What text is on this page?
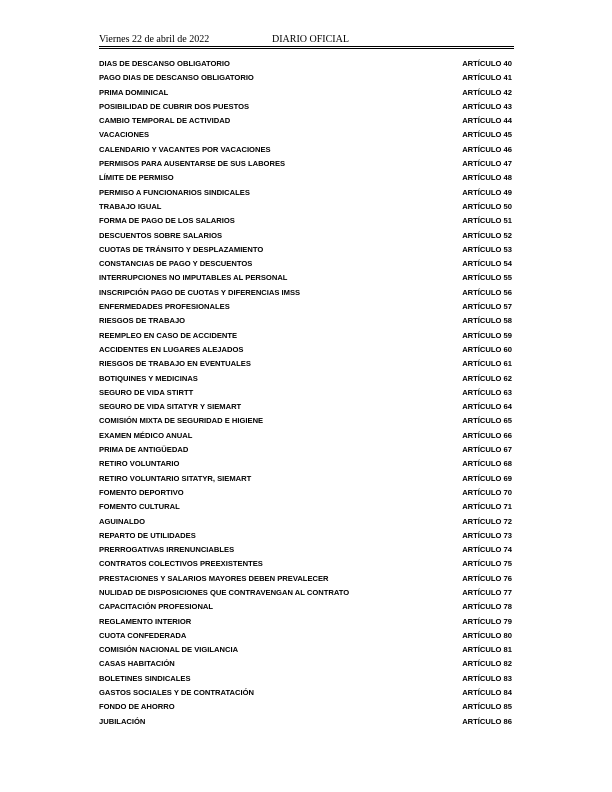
Viernes 22 de abril de 2022	DIARIO OFICIAL
DIAS DE DESCANSO OBLIGATORIO	ARTÍCULO 40
PAGO DIAS DE DESCANSO OBLIGATORIO	ARTÍCULO 41
PRIMA DOMINICAL	ARTÍCULO 42
POSIBILIDAD DE CUBRIR DOS PUESTOS	ARTÍCULO 43
CAMBIO TEMPORAL DE ACTIVIDAD	ARTÍCULO 44
VACACIONES	ARTÍCULO 45
CALENDARIO Y VACANTES POR VACACIONES	ARTÍCULO 46
PERMISOS PARA AUSENTARSE DE SUS LABORES	ARTÍCULO 47
LÍMITE DE PERMISO	ARTÍCULO 48
PERMISO A FUNCIONARIOS SINDICALES	ARTÍCULO 49
TRABAJO IGUAL	ARTÍCULO 50
FORMA DE PAGO DE LOS SALARIOS	ARTÍCULO 51
DESCUENTOS SOBRE SALARIOS	ARTÍCULO 52
CUOTAS DE TRÁNSITO Y DESPLAZAMIENTO	ARTÍCULO 53
CONSTANCIAS DE PAGO Y DESCUENTOS	ARTÍCULO 54
INTERRUPCIONES NO IMPUTABLES AL PERSONAL	ARTÍCULO 55
INSCRIPCIÓN PAGO DE CUOTAS Y DIFERENCIAS IMSS	ARTÍCULO 56
ENFERMEDADES PROFESIONALES	ARTÍCULO 57
RIESGOS DE TRABAJO	ARTÍCULO 58
REEMPLEO EN CASO DE ACCIDENTE	ARTÍCULO 59
ACCIDENTES EN LUGARES ALEJADOS	ARTÍCULO 60
RIESGOS DE TRABAJO EN EVENTUALES	ARTÍCULO 61
BOTIQUINES Y MEDICINAS	ARTÍCULO 62
SEGURO DE VIDA STIRTT	ARTÍCULO 63
SEGURO DE VIDA SITATYR Y SIEMART	ARTÍCULO 64
COMISIÓN MIXTA DE SEGURIDAD E HIGIENE	ARTÍCULO 65
EXAMEN MÉDICO ANUAL	ARTÍCULO 66
PRIMA DE ANTIGÜEDAD	ARTÍCULO 67
RETIRO VOLUNTARIO	ARTÍCULO 68
RETIRO VOLUNTARIO SITATYR, SIEMART	ARTÍCULO 69
FOMENTO DEPORTIVO	ARTÍCULO 70
FOMENTO CULTURAL	ARTÍCULO 71
AGUINALDO	ARTÍCULO 72
REPARTO DE UTILIDADES	ARTÍCULO 73
PRERROGATIVAS IRRENUNCIABLES	ARTÍCULO 74
CONTRATOS COLECTIVOS PREEXISTENTES	ARTÍCULO 75
PRESTACIONES Y SALARIOS MAYORES DEBEN PREVALECER	ARTÍCULO 76
NULIDAD DE DISPOSICIONES QUE CONTRAVENGAN AL CONTRATO	ARTÍCULO 77
CAPACITACIÓN PROFESIONAL	ARTÍCULO 78
REGLAMENTO INTERIOR	ARTÍCULO 79
CUOTA CONFEDERADA	ARTÍCULO 80
COMISIÓN NACIONAL DE VIGILANCIA	ARTÍCULO 81
CASAS HABITACIÓN	ARTÍCULO 82
BOLETINES SINDICALES	ARTÍCULO 83
GASTOS SOCIALES Y DE CONTRATACIÓN	ARTÍCULO 84
FONDO DE AHORRO	ARTÍCULO 85
JUBILACIÓN	ARTÍCULO 86
